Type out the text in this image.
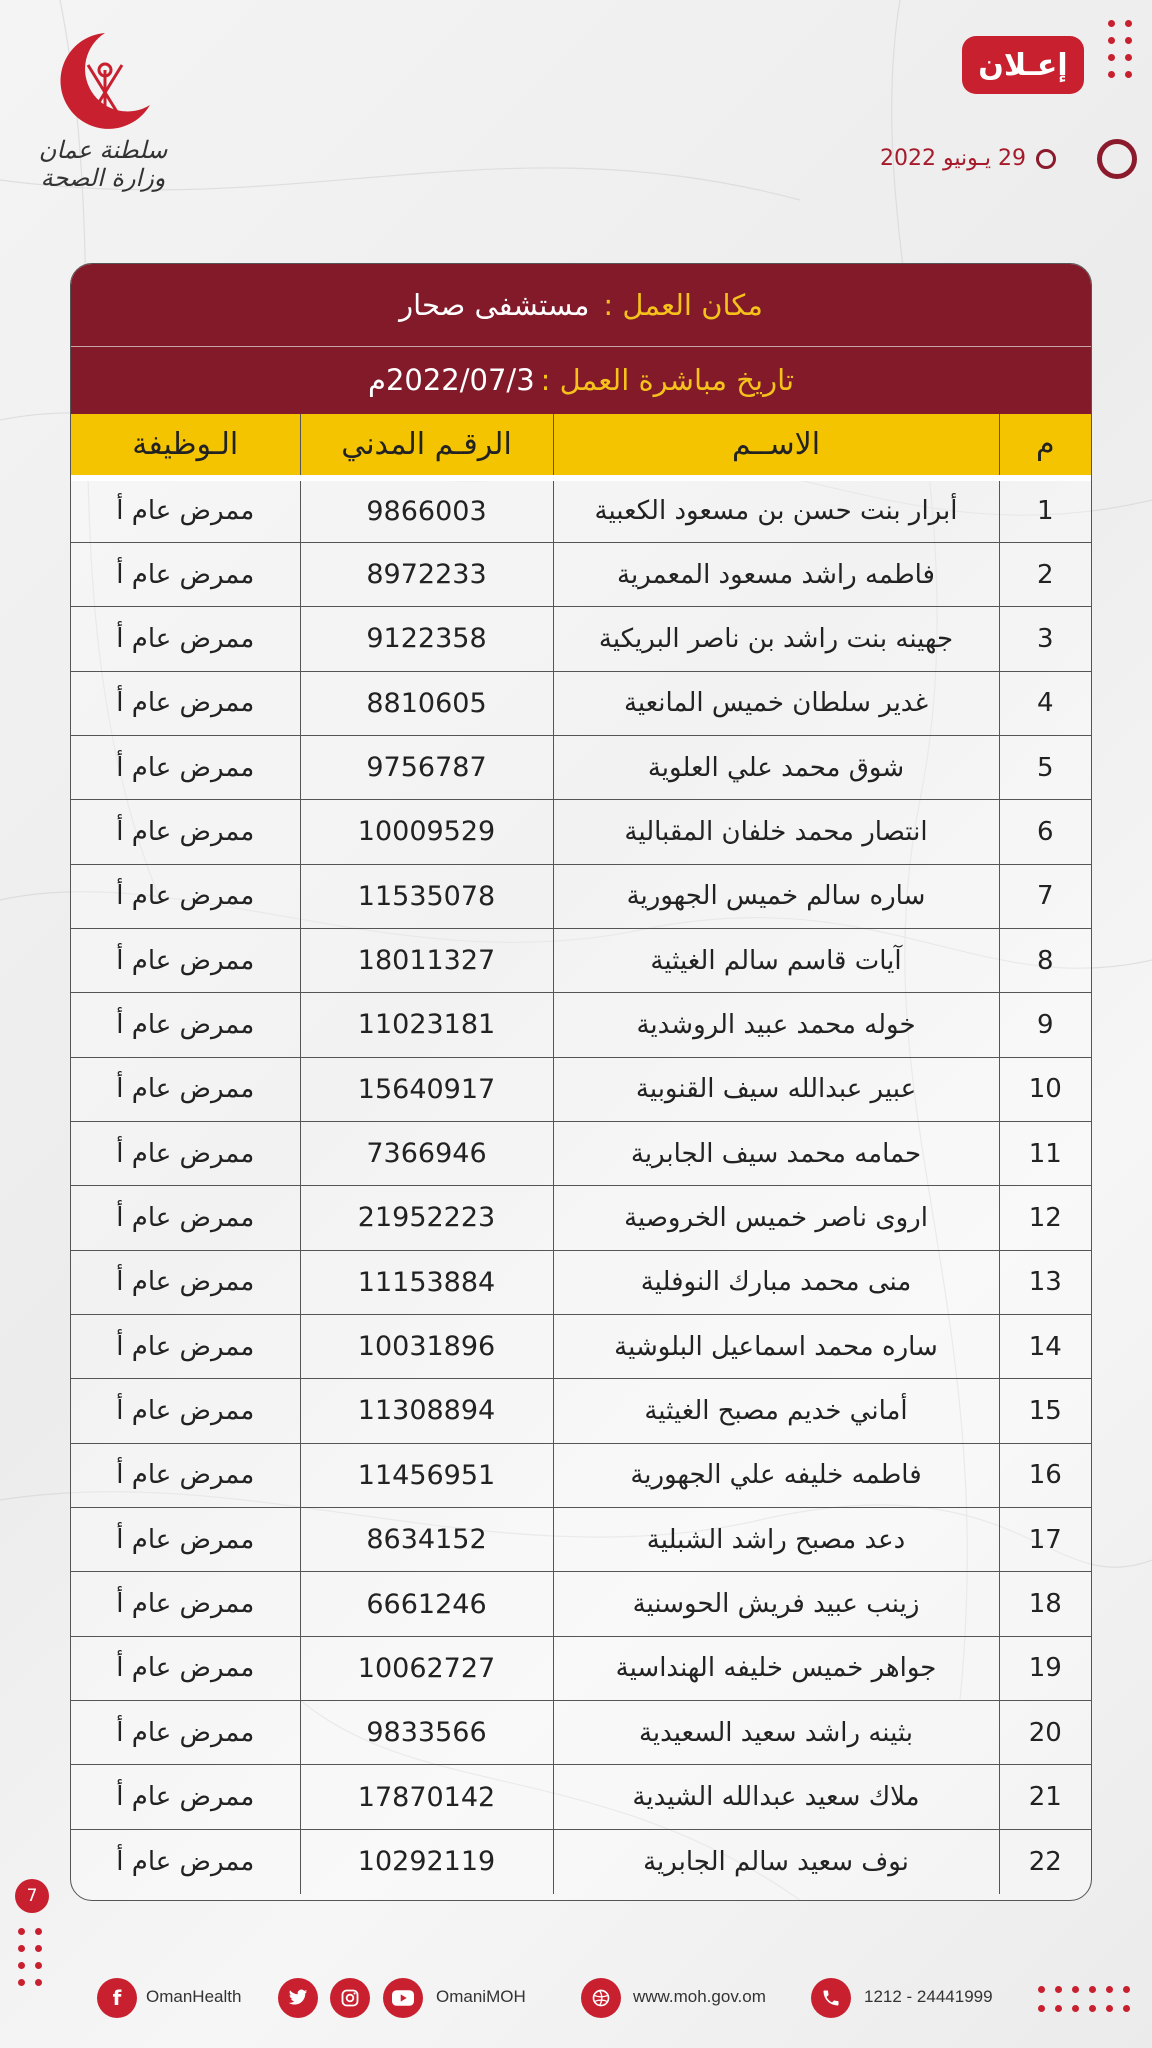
سلطنة عمان
وزارة الصحة
إعـلان
29 يـونيو 2022
مكان العمل :
مستشفى صحار
تاريخ مباشرة العمل :
2022/07/3م
م	الاســم	الرقـم المدني	الـوظيفة
1	أبرار بنت حسن بن مسعود الكعبية	9866003	ممرض عام أ
2	فاطمه راشد مسعود المعمرية	8972233	ممرض عام أ
3	جهينه بنت راشد بن ناصر البريكية	9122358	ممرض عام أ
4	غدير سلطان خميس المانعية	8810605	ممرض عام أ
5	شوق محمد علي العلوية	9756787	ممرض عام أ
6	انتصار محمد خلفان المقبالية	10009529	ممرض عام أ
7	ساره سالم خميس الجهورية	11535078	ممرض عام أ
8	آيات قاسم سالم الغيثية	18011327	ممرض عام أ
9	خوله محمد عبيد الروشدية	11023181	ممرض عام أ
10	عبير عبدالله سيف القنوبية	15640917	ممرض عام أ
11	حمامه محمد سيف الجابرية	7366946	ممرض عام أ
12	اروى ناصر خميس الخروصية	21952223	ممرض عام أ
13	منى محمد مبارك النوفلية	11153884	ممرض عام أ
14	ساره محمد اسماعيل البلوشية	10031896	ممرض عام أ
15	أماني خديم مصبح الغيثية	11308894	ممرض عام أ
16	فاطمه خليفه علي الجهورية	11456951	ممرض عام أ
17	دعد مصبح راشد الشبلية	8634152	ممرض عام أ
18	زينب عبيد فريش الحوسنية	6661246	ممرض عام أ
19	جواهر خميس خليفه الهنداسية	10062727	ممرض عام أ
20	بثينه راشد سعيد السعيدية	9833566	ممرض عام أ
21	ملاك سعيد عبدالله الشيدية	17870142	ممرض عام أ
22	نوف سعيد سالم الجابرية	10292119	ممرض عام أ
7
f	OmanHealth	OmaniMOH	www.moh.gov.om	1212 - 24441999
